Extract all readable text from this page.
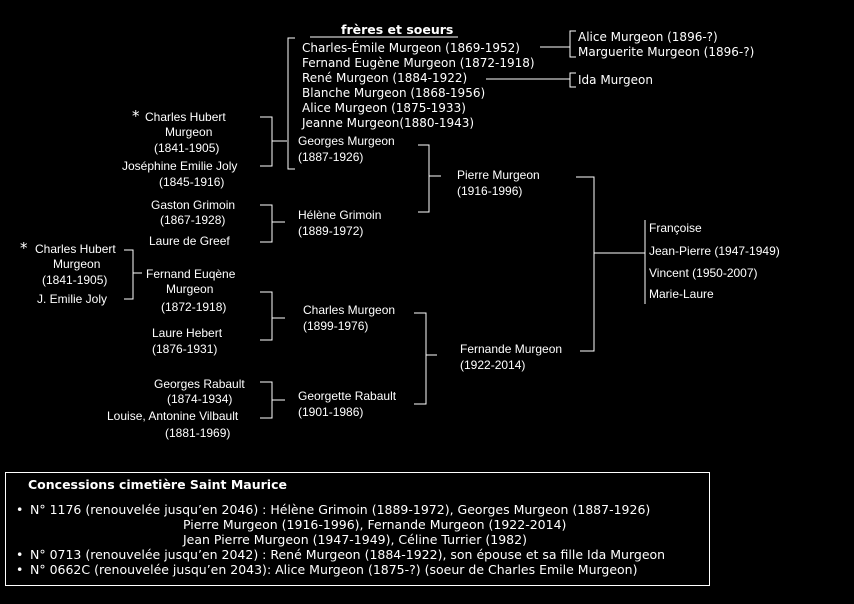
frères et soeurs
Charles-Émile Murgeon (1869-1952)
Fernand Eugène Murgeon (1872-1918)
René Murgeon (1884-1922)
Blanche Murgeon (1868-1956)
Alice Murgeon (1875-1933)
Jeanne Murgeon(1880-1943)
Alice Murgeon (1896-?)
Marguerite Murgeon (1896-?)
Ida Murgeon
* Charles Hubert
Murgeon
(1841-1905)
Joséphine Emilie Joly
(1845-1916)
Gaston Grimoin
(1867-1928)
Laure de Greef
* Charles Hubert
Murgeon
(1841-1905)
J. Emilie Joly
Fernand Euqène
Murgeon
(1872-1918)
Laure Hebert
(1876-1931)
Georges Rabault
(1874-1934)
Louise, Antonine Vilbault
(1881-1969)
Georges Murgeon
(1887-1926)
Hélène Grimoin
(1889-1972)
Charles Murgeon
(1899-1976)
Georgette Rabault
(1901-1986)
Pierre Murgeon
(1916-1996)
Fernande Murgeon
(1922-2014)
Françoise
Jean-Pierre (1947-1949)
Vincent (1950-2007)
Marie-Laure
Concessions cimetière Saint Maurice
• N° 1176 (renouvelée jusqu’en 2046) : Hélène Grimoin (1889-1972), Georges Murgeon (1887-1926)
Pierre Murgeon (1916-1996), Fernande Murgeon (1922-2014)
Jean Pierre Murgeon (1947-1949), Céline Turrier (1982)
• N° 0713 (renouvelée jusqu’en 2042) : René Murgeon (1884-1922), son épouse et sa fille Ida Murgeon
• N° 0662C (renouvelée jusqu’en 2043): Alice Murgeon (1875-?) (soeur de Charles Emile Murgeon)
